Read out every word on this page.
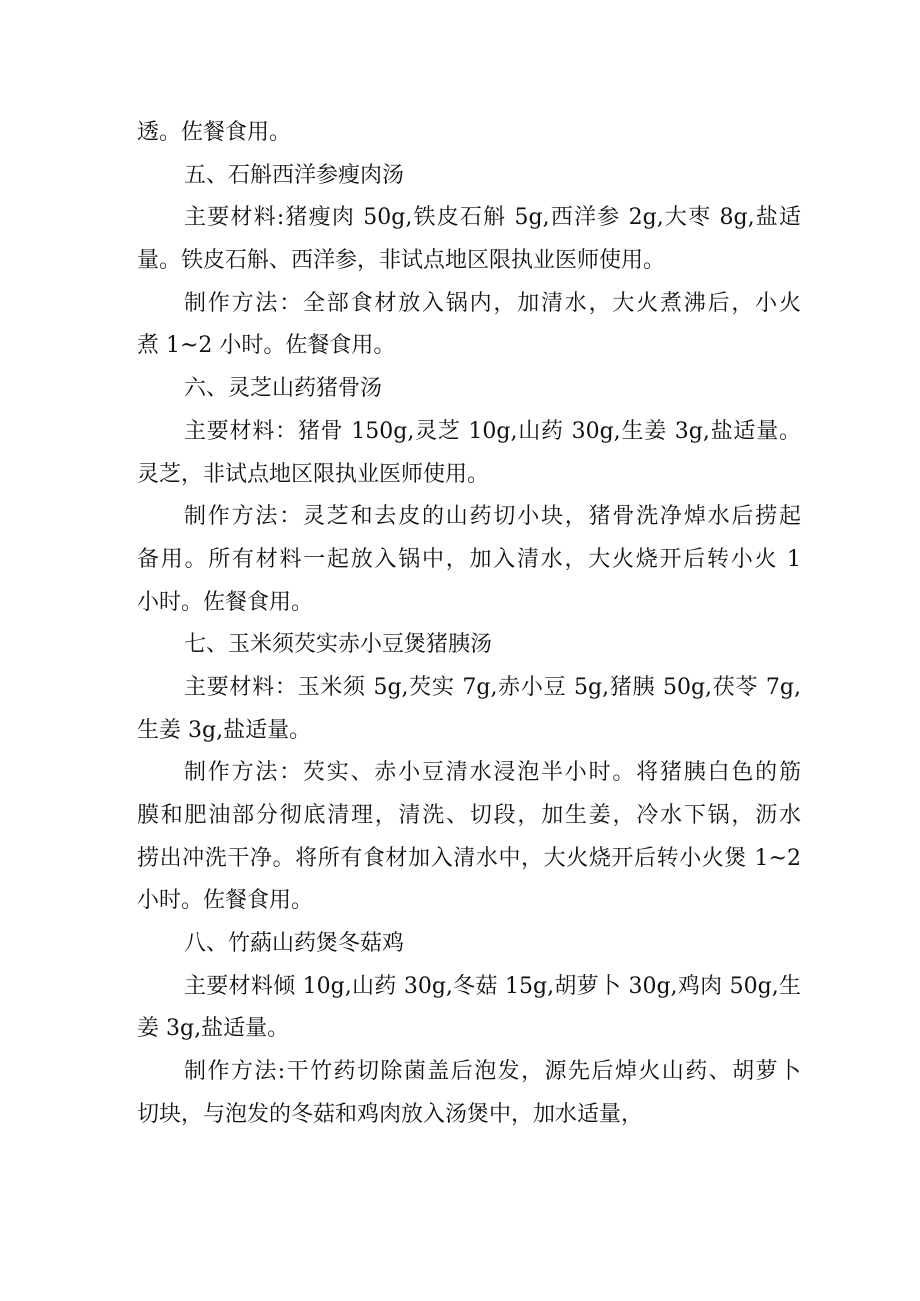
透。佐餐食用。
五、石斛西洋参瘦肉汤
主要材料:猪瘦肉 50g,铁皮石斛 5g,西洋参 2g,大枣 8g,盐适
量。铁皮石斛、西洋参，非试点地区限执业医师使用。
制作方法：全部食材放入锅内，加清水，大火煮沸后，小火
煮 1~2 小时。佐餐食用。
六、灵芝山药猪骨汤
主要材料：猪骨 150g,灵芝 10g,山药 30g,生姜 3g,盐适量。
灵芝，非试点地区限执业医师使用。
制作方法：灵芝和去皮的山药切小块，猪骨洗净焯水后捞起
备用。所有材料一起放入锅中，加入清水，大火烧开后转小火 1
小时。佐餐食用。
七、玉米须芡实赤小豆煲猪胰汤
主要材料：玉米须 5g,芡实 7g,赤小豆 5g,猪胰 50g,茯苓 7g,
生姜 3g,盐适量。
制作方法：芡实、赤小豆清水浸泡半小时。将猪胰白色的筋
膜和肥油部分彻底清理，清洗、切段，加生姜，冷水下锅，沥水
捞出冲洗干净。将所有食材加入清水中，大火烧开后转小火煲 1~2
小时。佐餐食用。
八、竹蒳山药煲冬菇鸡
主要材料倾 10g,山药 30g,冬菇 15g,胡萝卜 30g,鸡肉 50g,生
姜 3g,盐适量。
制作方法:干竹药切除菌盖后泡发，源先后焯火山药、胡萝卜
切块，与泡发的冬菇和鸡肉放入汤煲中，加水适量，
